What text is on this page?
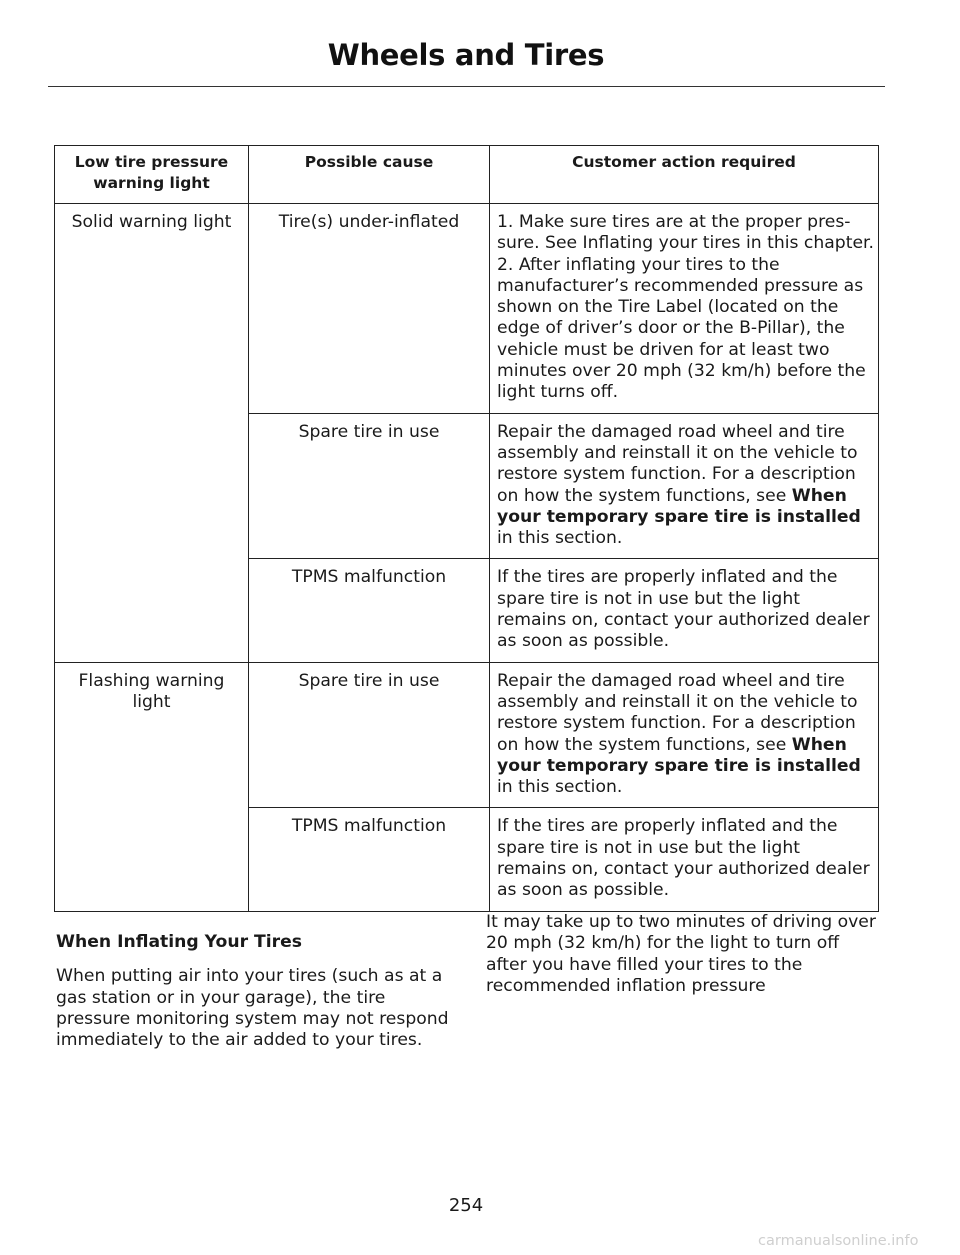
Wheels and Tires
Low tire pressure warning light	Possible cause	Customer action required

Solid warning light	Tire(s) under-inflated	1. Make sure tires are at the proper pressure. See Inflating your tires in this chapter. 2. After inflating your tires to the manufacturer’s recommended pressure as shown on the Tire Label (located on the edge of driver’s door or the B-Pillar), the vehicle must be driven for at least two minutes over 20 mph (32 km/h) before the light turns off.

	Spare tire in use	Repair the damaged road wheel and tire assembly and reinstall it on the vehicle to restore system function. For a description on how the system functions, see When your temporary spare tire is installed in this section.

	TPMS malfunction	If the tires are properly inflated and the spare tire is not in use but the light remains on, contact your authorized dealer as soon as possible.

Flashing warning light	Spare tire in use	Repair the damaged road wheel and tire assembly and reinstall it on the vehicle to restore system function. For a description on how the system functions, see When your temporary spare tire is installed in this section.

	TPMS malfunction	If the tires are properly inflated and the spare tire is not in use but the light remains on, contact your authorized dealer as soon as possible.
When Inflating Your Tires

When putting air into your tires (such as at a gas station or in your garage), the tire pressure monitoring system may not respond immediately to the air added to your tires.

It may take up to two minutes of driving over 20 mph (32 km/h) for the light to turn off after you have filled your tires to the recommended inflation pressure

254
carmanualsonline.info
